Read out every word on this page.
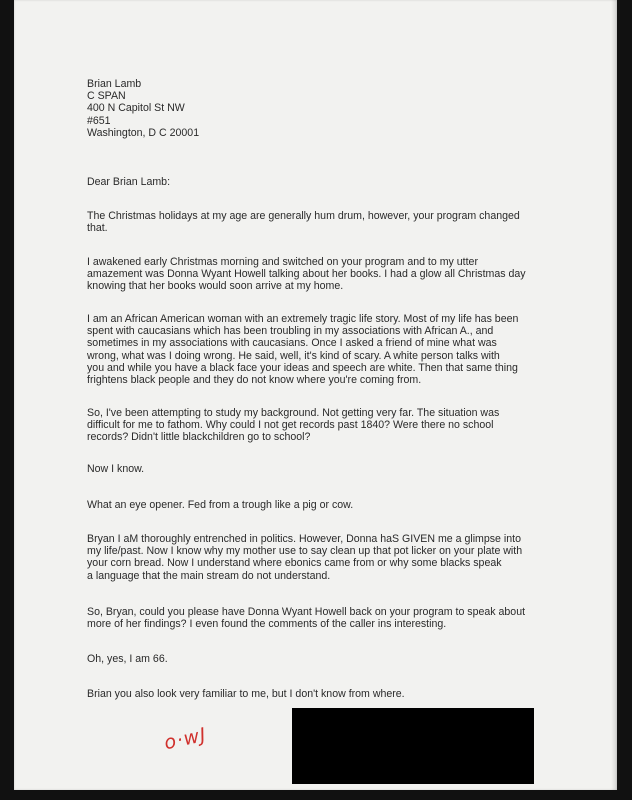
Brian Lamb
C SPAN
400 N Capitol St NW
#651
Washington, D C 20001
Dear Brian Lamb:
The Christmas holidays at my age are generally hum drum, however, your program changed
that.
I awakened early Christmas morning and switched on your program and to my utter
amazement was Donna Wyant Howell talking about her books. I had a glow all Christmas day
knowing that her books would soon arrive at my home.
I am an African American woman with an extremely tragic life story. Most of my life has been
spent with caucasians which has been troubling in my associations with African A., and
sometimes in my associations with caucasians. Once I asked a friend of mine what was
wrong, what was I doing wrong. He said, well, it's kind of scary. A white person talks with
you and while you have a black face your ideas and speech are white. Then that same thing
frightens black people and they do not know where you're coming from.
So, I've been attempting to study my background. Not getting very far. The situation was
difficult for me to fathom. Why could I not get records past 1840? Were there no school
records? Didn't little blackchildren go to school?
Now I know.
What an eye opener. Fed from a trough like a pig or cow.
Bryan I aM thoroughly entrenched in politics. However, Donna haS GIVEN me a glimpse into
my life/past. Now I know why my mother use to say clean up that pot licker on your plate with
your corn bread. Now I understand where ebonics came from or why some blacks speak
a language that the main stream do not understand.
So, Bryan, could you please have Donna Wyant Howell back on your program to speak about
more of her findings? I even found the comments of the caller ins interesting.
Oh, yes, I am 66.
Brian you also look very familiar to me, but I don't know from where.
o·wJ
